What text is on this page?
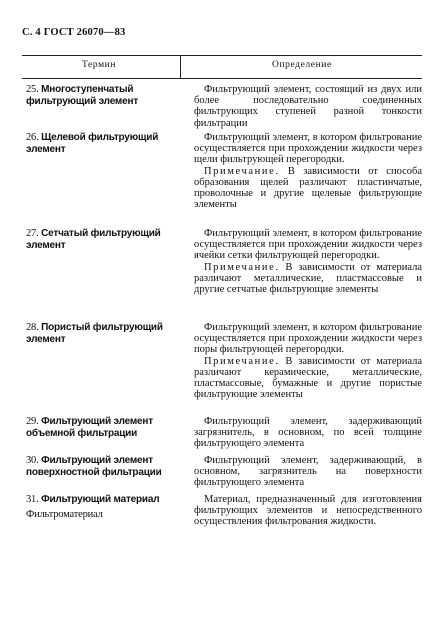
С. 4 ГОСТ 26070—83
Термин	Определение
25. Многоступенчатый фильтрующий элемент

Фильтрующий элемент, состоящий из двух или более последовательно соединенных фильтрующих ступеней разной тонкости фильтрации

26. Щелевой фильтрующий элемент

Фильтрующий элемент, в котором фильтрование осуществляется при прохождении жидкости через щели фильтрующей перегородки.

Примечание. В зависимости от способа образования щелей различают пластинчатые, проволочные и другие щелевые фильтрующие элементы

27. Сетчатый фильтрующий элемент

Фильтрующий элемент, в котором фильтрование осуществляется при прохождении жидкости через ячейки сетки фильтрующей перегородки.

Примечание. В зависимости от материала различают металлические, пластмассовые и другие сетчатые фильтрующие элементы

28. Пористый фильтрующий элемент

Фильтрующий элемент, в котором фильтрование осуществляется при прохождении жидкости через поры фильтрующей перегородки.

Примечание. В зависимости от материала различают керамические, металлические, пластмассовые, бумажные и другие пористые фильтрующие элементы

29. Фильтрующий элемент объемной фильтрации

Фильтрующий элемент, задерживающий загрязнитель, в основном, по всей толщине фильтрующего элемента

30. Фильтрующий элемент поверхностной фильтрации

Фильтрующий элемент, задерживающий, в основном, загрязнитель на поверхности фильтрующего элемента

31. Фильтрующий материал
Фильтроматериал

Материал, предназначенный для изготовления фильтрующих элементов и непосредственного осуществления фильтрования жидкости.
